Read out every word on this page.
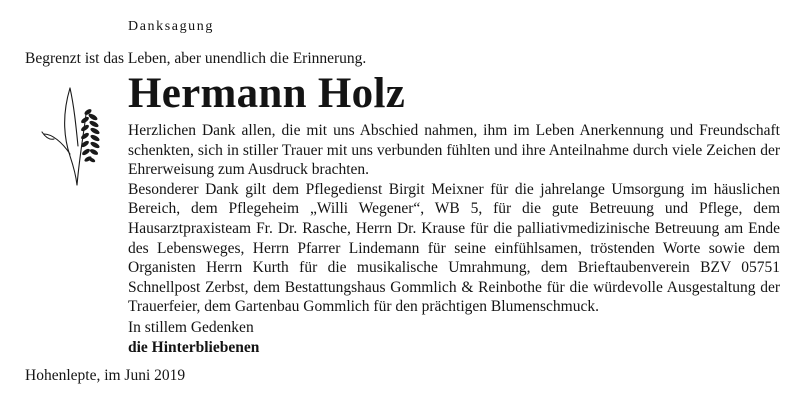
Danksagung
Begrenzt ist das Leben, aber unendlich die Erinnerung.
Hermann Holz

Herzlichen Dank allen, die mit uns Abschied nahmen, ihm im Leben Anerkennung und Freundschaft schenkten, sich in stiller Trauer mit uns verbunden fühlten und ihre Anteilnahme durch viele Zeichen der Ehrerweisung zum Ausdruck brachten.

Besonderer Dank gilt dem Pflegedienst Birgit Meixner für die jahrelange Umsorgung im häuslichen Bereich, dem Pflegeheim „Willi Wegener“, WB 5, für die gute Betreuung und Pflege, dem Hausarztpraxisteam Fr. Dr. Rasche, Herrn Dr. Krause für die palliativmedizinische Betreuung am Ende des Lebensweges, Herrn Pfarrer Lindemann für seine einfühlsamen, tröstenden Worte sowie dem Organisten Herrn Kurth für die musikalische Umrahmung, dem Brieftaubenverein BZV 05751 Schnellpost Zerbst, dem Bestattungshaus Gommlich & Reinbothe für die würdevolle Ausgestaltung der Trauerfeier, dem Gartenbau Gommlich für den prächtigen Blumenschmuck.

In stillem Gedenken
die Hinterbliebenen
Hohenlepte, im Juni 2019
